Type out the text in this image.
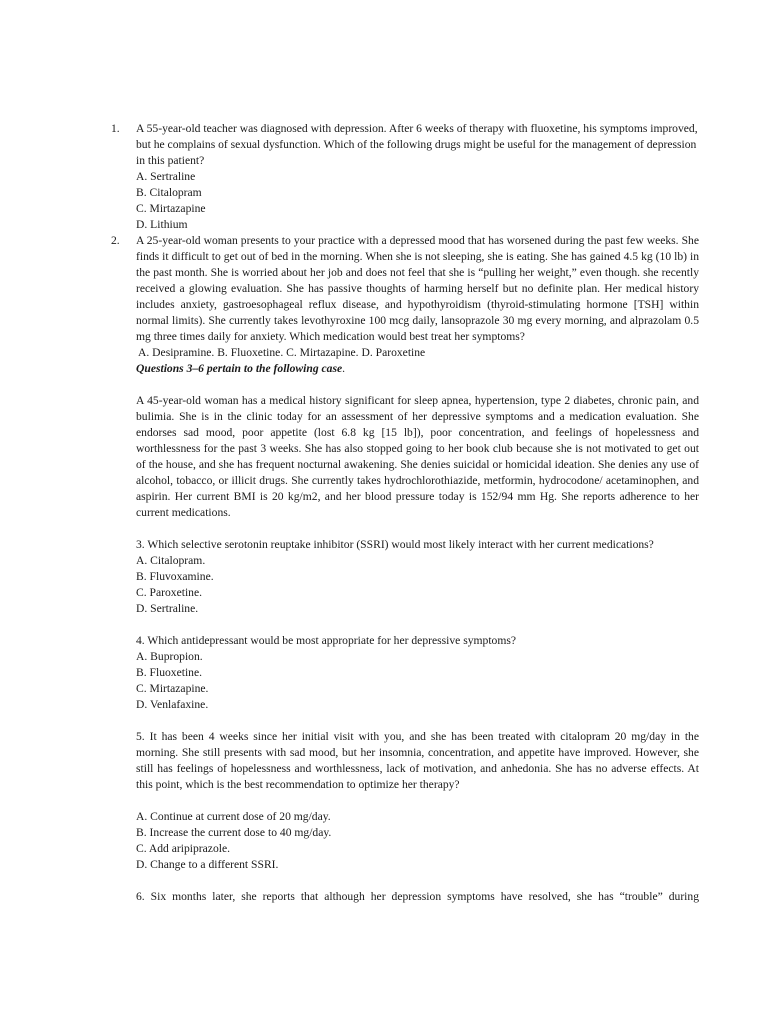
1. A 55-year-old teacher was diagnosed with depression. After 6 weeks of therapy with fluoxetine, his symptoms improved, but he complains of sexual dysfunction. Which of the following drugs might be useful for the management of depression in this patient?

A. Sertraline
B. Citalopram
C. Mirtazapine
D. Lithium
2. A 25-year-old woman presents to your practice with a depressed mood that has worsened during the past few weeks. She finds it difficult to get out of bed in the morning. When she is not sleeping, she is eating. She has gained 4.5 kg (10 lb) in the past month. She is worried about her job and does not feel that she is “pulling her weight,” even though. she recently received a glowing evaluation. She has passive thoughts of harming herself but no definite plan. Her medical history includes anxiety, gastroesophageal reflux disease, and hypothyroidism (thyroid-stimulating hormone [TSH] within normal limits). She currently takes levothyroxine 100 mcg daily, lansoprazole 30 mg every morning, and alprazolam 0.5 mg three times daily for anxiety. Which medication would best treat her symptoms?

A. Desipramine. B. Fluoxetine. C. Mirtazapine. D. Paroxetine

Questions 3–6 pertain to the following case.

A 45-year-old woman has a medical history significant for sleep apnea, hypertension, type 2 diabetes, chronic pain, and bulimia. She is in the clinic today for an assessment of her depressive symptoms and a medication evaluation. She endorses sad mood, poor appetite (lost 6.8 kg [15 lb]), poor concentration, and feelings of hopelessness and worthlessness for the past 3 weeks. She has also stopped going to her book club because she is not motivated to get out of the house, and she has frequent nocturnal awakening. She denies suicidal or homicidal ideation. She denies any use of alcohol, tobacco, or illicit drugs. She currently takes hydrochlorothiazide, metformin, hydrocodone/ acetaminophen, and aspirin. Her current BMI is 20 kg/m2, and her blood pressure today is 152/94 mm Hg. She reports adherence to her current medications.

3. Which selective serotonin reuptake inhibitor (SSRI) would most likely interact with her current medications?

A. Citalopram.
B. Fluvoxamine.
C. Paroxetine.
D. Sertraline.

4. Which antidepressant would be most appropriate for her depressive symptoms?

A. Bupropion.
B. Fluoxetine.
C. Mirtazapine.
D. Venlafaxine.

5. It has been 4 weeks since her initial visit with you, and she has been treated with citalopram 20 mg/day in the morning. She still presents with sad mood, but her insomnia, concentration, and appetite have improved. However, she still has feelings of hopelessness and worthlessness, lack of motivation, and anhedonia. She has no adverse effects. At this point, which is the best recommendation to optimize her therapy?

A. Continue at current dose of 20 mg/day.
B. Increase the current dose to 40 mg/day.
C. Add aripiprazole.
D. Change to a different SSRI.

6. Six months later, she reports that although her depression symptoms have resolved, she has “trouble” during
